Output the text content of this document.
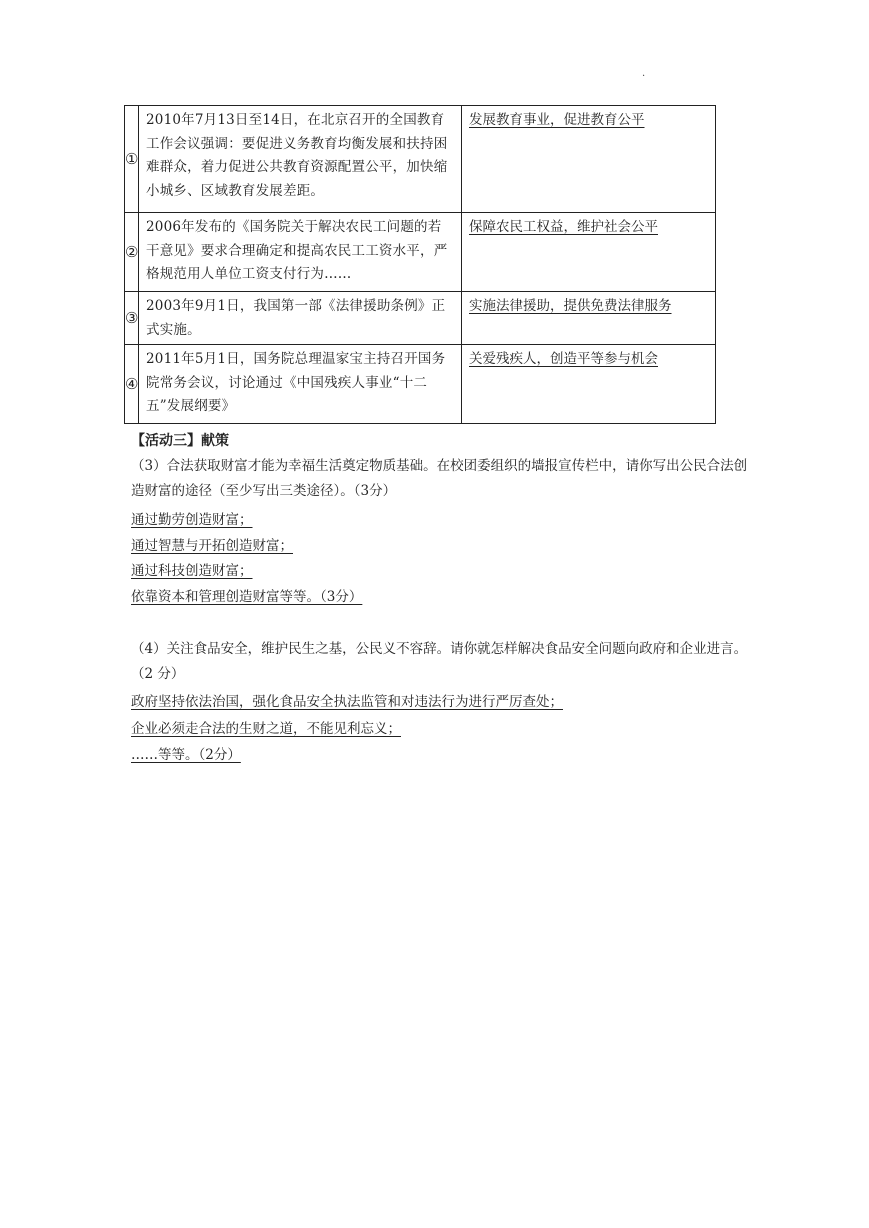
.
①	2010年7月13日至14日，在北京召开的全国教育工作会议强调：要促进义务教育均衡发展和扶持困难群众，着力促进公共教育资源配置公平，加快缩小城乡、区域教育发展差距。	发展教育事业，促进教育公平
②	2006年发布的《国务院关于解决农民工问题的若干意见》要求合理确定和提高农民工工资水平，严格规范用人单位工资支付行为……	保障农民工权益，维护社会公平
③	2003年9月1日，我国第一部《法律援助条例》正式实施。	实施法律援助，提供免费法律服务
④	2011年5月1日，国务院总理温家宝主持召开国务院常务会议，讨论通过《中国残疾人事业“十二五”发展纲要》	关爱残疾人，创造平等参与机会
【活动三】献策
（3）合法获取财富才能为幸福生活奠定物质基础。在校团委组织的墙报宣传栏中，请你写出公民合法创造财富的途径（至少写出三类途径）。（3分）
通过勤劳创造财富；
通过智慧与开拓创造财富；
通过科技创造财富；
依靠资本和管理创造财富等等。（3分）
（4）关注食品安全，维护民生之基，公民义不容辞。请你就怎样解决食品安全问题向政府和企业进言。（2 分）
政府坚持依法治国，强化食品安全执法监管和对违法行为进行严厉查处；
企业必须走合法的生财之道，不能见利忘义；
……等等。（2分）
